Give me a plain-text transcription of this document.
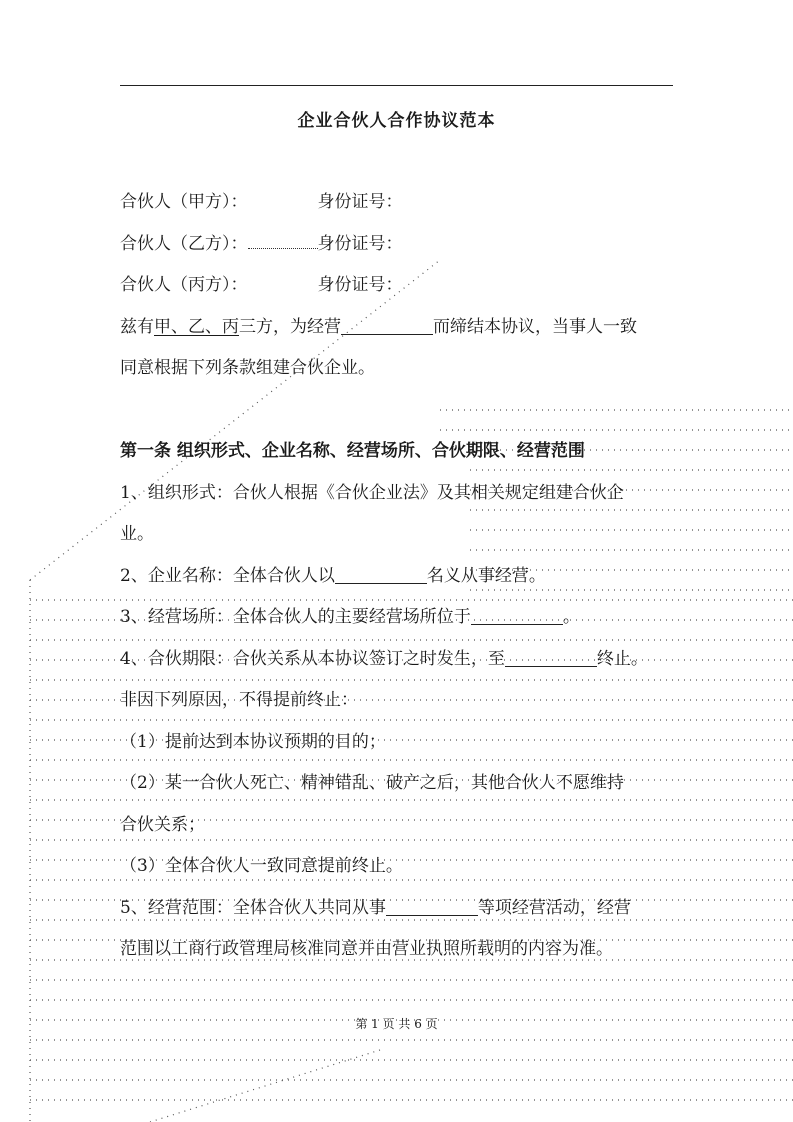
企业合伙人合作协议范本
合伙人（甲方）：	身份证号：
合伙人（乙方）：	身份证号：
合伙人（丙方）：	身份证号：
兹有甲、乙、丙三方，为经营	而缔结本协议，当事人一致
同意根据下列条款组建合伙企业。
第一条 组织形式、企业名称、经营场所、合伙期限、经营范围
1、组织形式：合伙人根据《合伙企业法》及其相关规定组建合伙企
业。
2、企业名称：全体合伙人以	名义从事经营。
3、经营场所：全体合伙人的主要经营场所位于	。
4、合伙期限：合伙关系从本协议签订之时发生，至	终止。
非因下列原因，不得提前终止：
（1）提前达到本协议预期的目的；
（2）某一合伙人死亡、精神错乱、破产之后，其他合伙人不愿维持
合伙关系；
（3）全体合伙人一致同意提前终止。
5、经营范围：全体合伙人共同从事	等项经营活动，经营
范围以工商行政管理局核准同意并由营业执照所载明的内容为准。
第 1 页 共 6 页
